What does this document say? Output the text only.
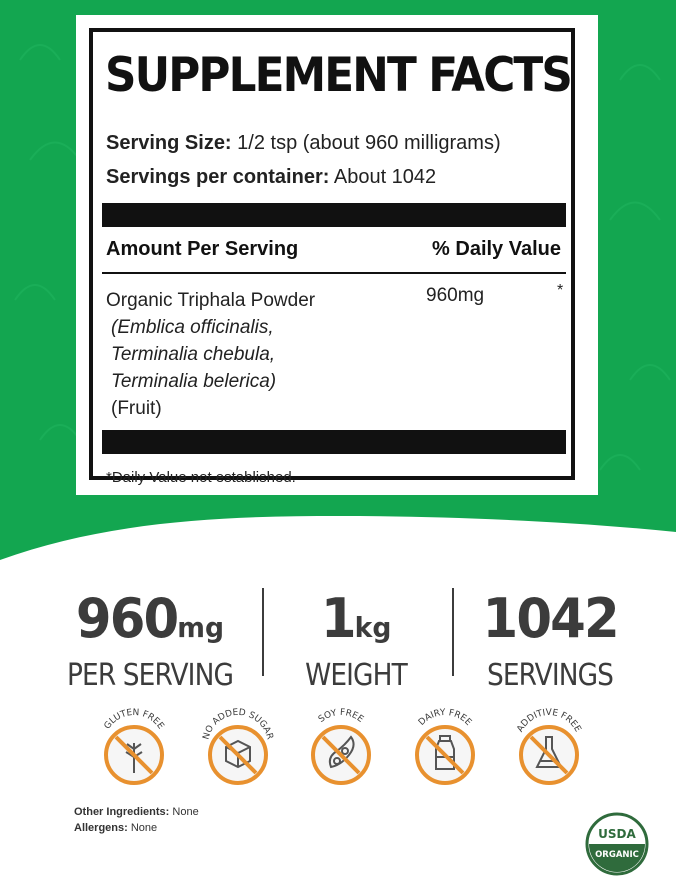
SUPPLEMENT FACTS
Serving Size: 1/2 tsp (about 960 milligrams)
Servings per container: About 1042
Amount Per Serving	% Daily Value
Organic Triphala Powder
(Emblica officinalis,
Terminalia chebula,
Terminalia belerica)
(Fruit)
960mg	*
*Daily Value not established.
960mg
PER SERVING
1kg
WEIGHT
1042
SERVINGS
GLUTEN FREE
NO ADDED SUGAR
SOY FREE	DAIRY FREE
ADDITIVE FREE
Other Ingredients: None
Allergens: None	USDA
ORGANIC
